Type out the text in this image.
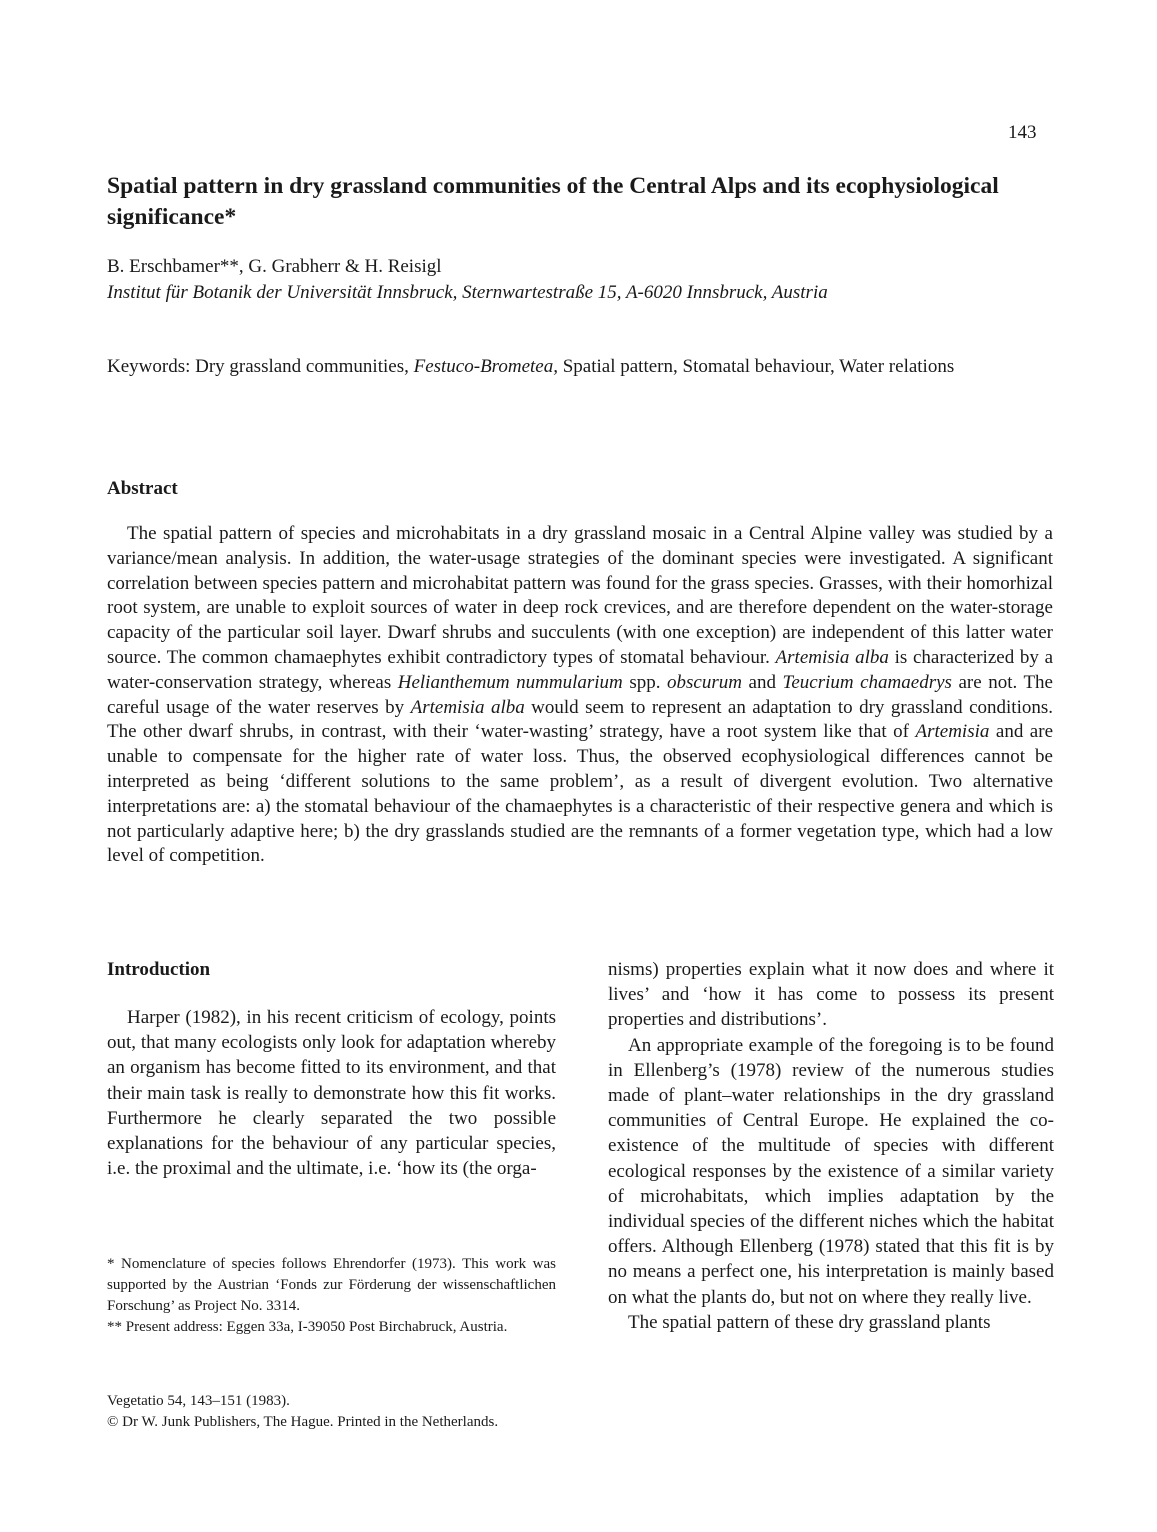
143
Spatial pattern in dry grassland communities of the Central Alps and its ecophysiological significance*
B. Erschbamer**, G. Grabherr & H. Reisigl
Institut für Botanik der Universität Innsbruck, Sternwartestraße 15, A-6020 Innsbruck, Austria
Keywords: Dry grassland communities, Festuco-Brometea, Spatial pattern, Stomatal behaviour, Water relations
Abstract
The spatial pattern of species and microhabitats in a dry grassland mosaic in a Central Alpine valley was studied by a variance/mean analysis. In addition, the water-usage strategies of the dominant species were investigated. A significant correlation between species pattern and microhabitat pattern was found for the grass species. Grasses, with their homorhizal root system, are unable to exploit sources of water in deep rock crevices, and are therefore dependent on the water-storage capacity of the particular soil layer. Dwarf shrubs and succulents (with one exception) are independent of this latter water source. The common chamaephytes exhibit contradictory types of stomatal behaviour. Artemisia alba is characterized by a water-conservation strategy, whereas Helianthemum nummularium spp. obscurum and Teucrium chamaedrys are not. The careful usage of the water reserves by Artemisia alba would seem to represent an adaptation to dry grassland conditions. The other dwarf shrubs, in contrast, with their ‘water-wasting’ strategy, have a root system like that of Artemisia and are unable to compensate for the higher rate of water loss. Thus, the observed ecophysiological differences cannot be interpreted as being ‘different solutions to the same problem’, as a result of divergent evolution. Two alternative interpretations are: a) the stomatal behaviour of the chamaephytes is a characteristic of their respective genera and which is not particularly adaptive here; b) the dry grasslands studied are the remnants of a former vegetation type, which had a low level of competition.
Introduction

Harper (1982), in his recent criticism of ecology, points out, that many ecologists only look for adaptation whereby an organism has become fitted to its environment, and that their main task is really to demonstrate how this fit works. Furthermore he clearly separated the two possible explanations for the behaviour of any particular species, i.e. the proximal and the ultimate, i.e. ‘how its (the orga-

nisms) properties explain what it now does and where it lives’ and ‘how it has come to possess its present properties and distributions’.

An appropriate example of the foregoing is to be found in Ellenberg’s (1978) review of the numerous studies made of plant–water relationships in the dry grassland communities of Central Europe. He explained the co-existence of the multitude of species with different ecological responses by the existence of a similar variety of microhabitats, which implies adaptation by the individual species of the different niches which the habitat offers. Although Ellenberg (1978) stated that this fit is by no means a perfect one, his interpretation is mainly based on what the plants do, but not on where they really live.

The spatial pattern of these dry grassland plants

* Nomenclature of species follows Ehrendorfer (1973). This work was supported by the Austrian ‘Fonds zur Förderung der wissenschaftlichen Forschung’ as Project No. 3314.

** Present address: Eggen 33a, I-39050 Post Birchabruck, Austria.

Vegetatio 54, 143–151 (1983).
© Dr W. Junk Publishers, The Hague. Printed in the Netherlands.
